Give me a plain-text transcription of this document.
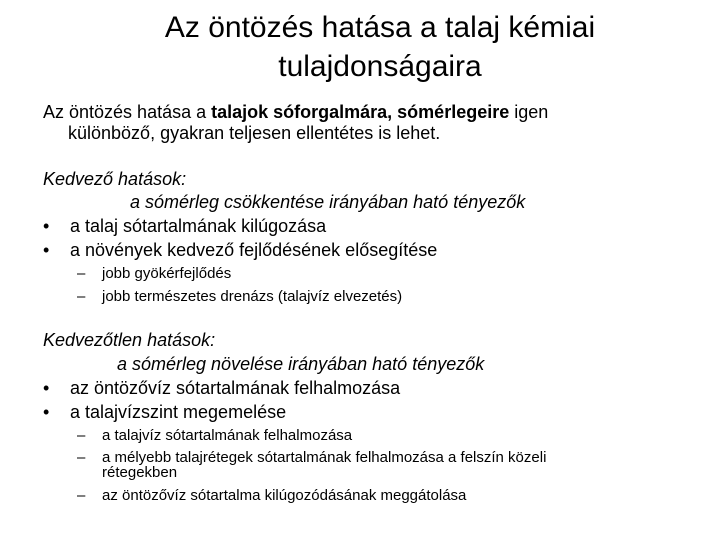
Az öntözés hatása a talaj kémiai
tulajdonságaira
Az öntözés hatása a talajok sóforgalmára, sómérlegeire igen
különböző, gyakran teljesen ellentétes is lehet.
Kedvező hatások:
a sómérleg csökkentése irányában ható tényezők
• a talaj sótartalmának kilúgozása
• a növények kedvező fejlődésének elősegítése
– jobb gyökérfejlődés
– jobb természetes drenázs (talajvíz elvezetés)
Kedvezőtlen hatások:
a sómérleg növelése irányában ható tényezők
• az öntözővíz sótartalmának felhalmozása
• a talajvízszint megemelése
– a talajvíz sótartalmának felhalmozása
– a mélyebb talajrétegek sótartalmának felhalmozása a felszín közeli
rétegekben
– az öntözővíz sótartalma kilúgozódásának meggátolása
